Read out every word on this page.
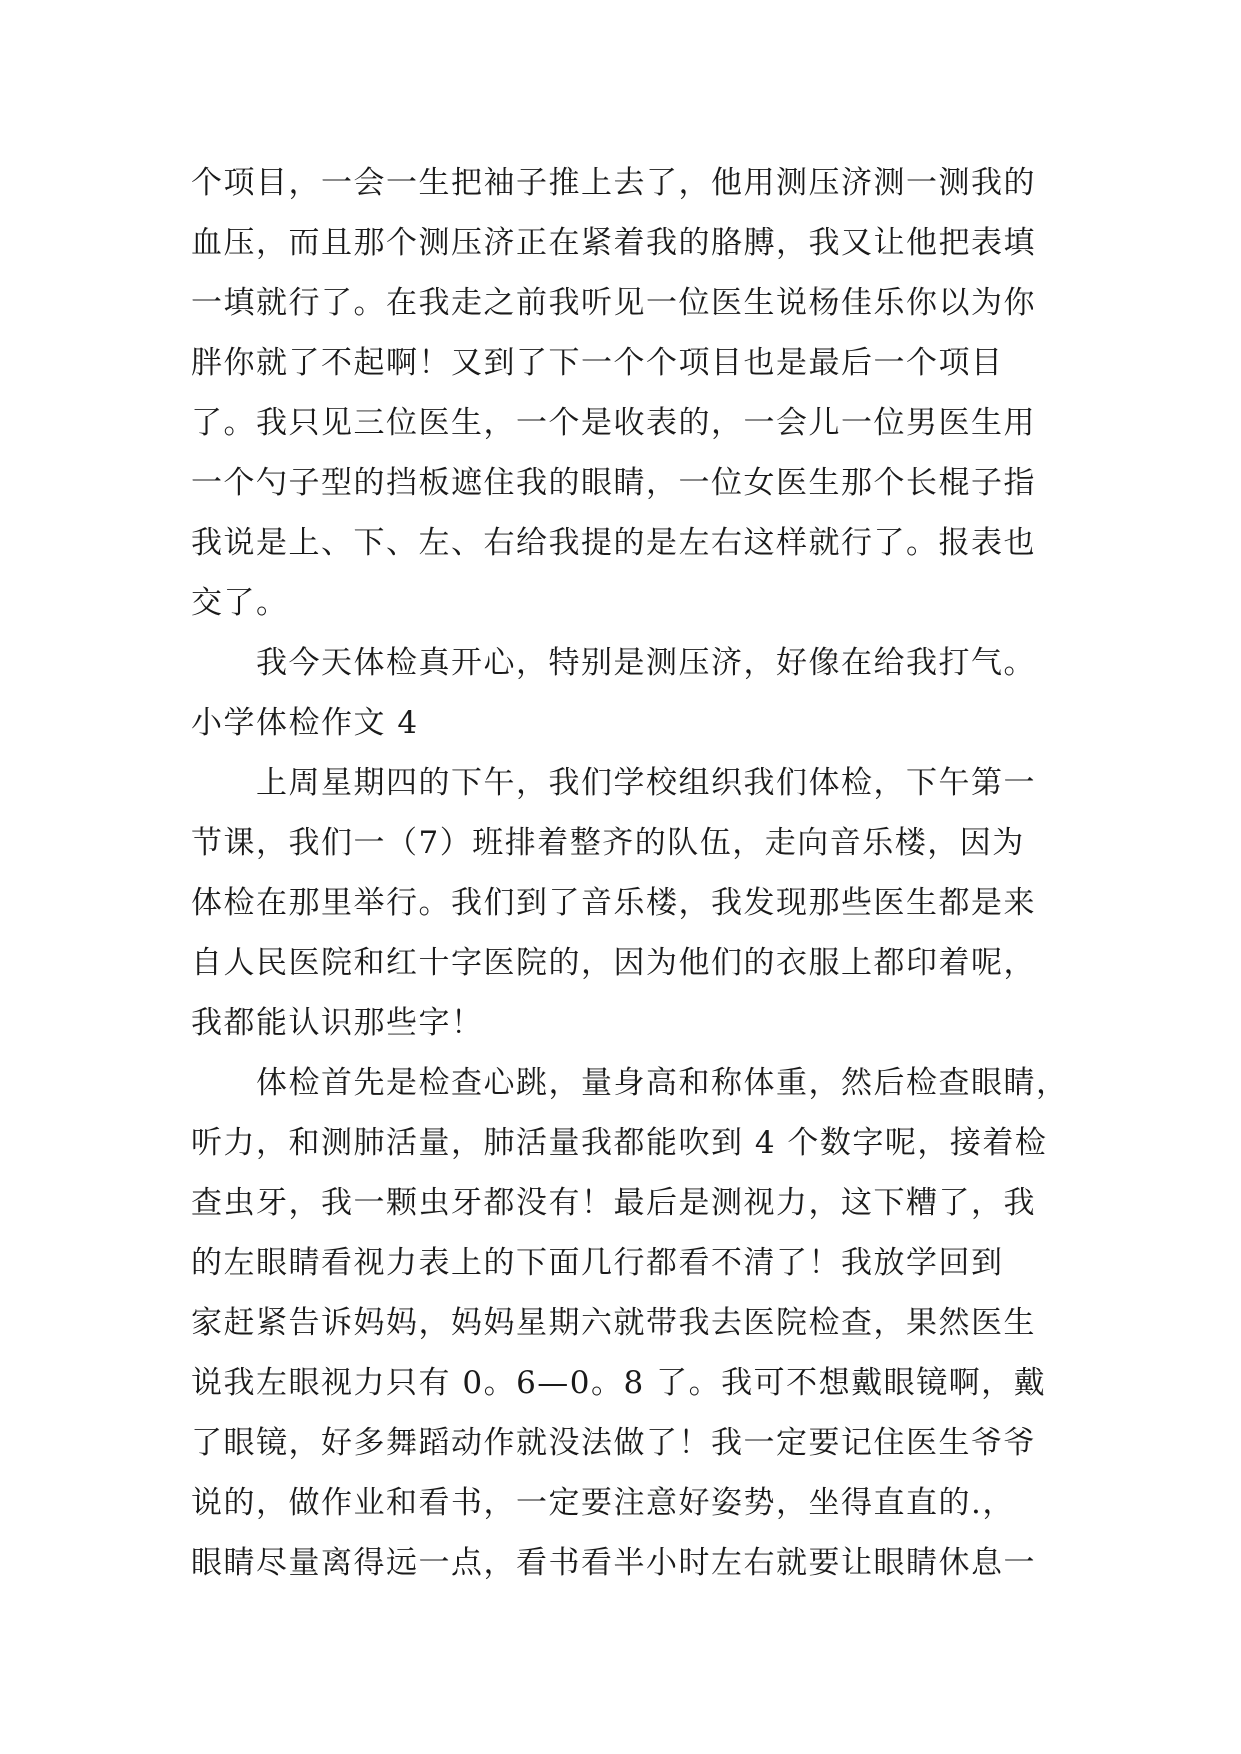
个项目，一会一生把袖子推上去了，他用测压济测一测我的
血压，而且那个测压济正在紧着我的胳膊，我又让他把表填
一填就行了。在我走之前我听见一位医生说杨佳乐你以为你
胖你就了不起啊！又到了下一个个项目也是最后一个项目
了。我只见三位医生，一个是收表的，一会儿一位男医生用
一个勺子型的挡板遮住我的眼睛，一位女医生那个长棍子指
我说是上、下、左、右给我提的是左右这样就行了。报表也
交了。
我今天体检真开心，特别是测压济，好像在给我打气。
小学体检作文 4
上周星期四的下午，我们学校组织我们体检，下午第一
节课，我们一（7）班排着整齐的队伍，走向音乐楼，因为
体检在那里举行。我们到了音乐楼，我发现那些医生都是来
自人民医院和红十字医院的，因为他们的衣服上都印着呢，
我都能认识那些字！
体检首先是检查心跳，量身高和称体重，然后检查眼睛，
听力，和测肺活量，肺活量我都能吹到 4 个数字呢，接着检
查虫牙，我一颗虫牙都没有！最后是测视力，这下糟了，我
的左眼睛看视力表上的下面几行都看不清了！我放学回到
家赶紧告诉妈妈，妈妈星期六就带我去医院检查，果然医生
说我左眼视力只有 0。6—0。8 了。我可不想戴眼镜啊，戴
了眼镜，好多舞蹈动作就没法做了！我一定要记住医生爷爷
说的，做作业和看书，一定要注意好姿势，坐得直直的.，
眼睛尽量离得远一点，看书看半小时左右就要让眼睛休息一
